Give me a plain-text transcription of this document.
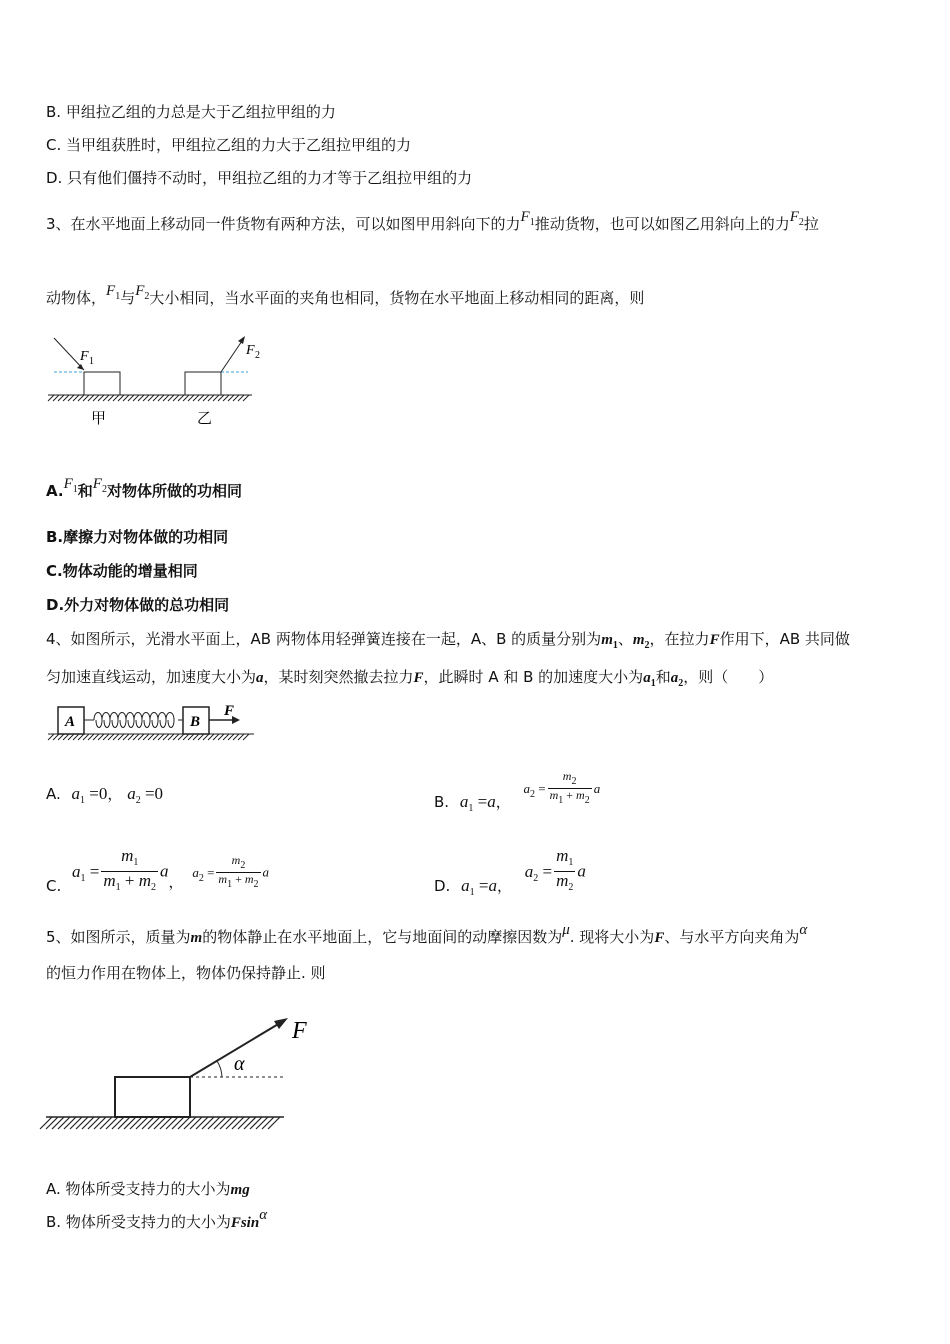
B. 甲组拉乙组的力总是大于乙组拉甲组的力
C. 当甲组获胜时，甲组拉乙组的力大于乙组拉甲组的力
D. 只有他们僵持不动时，甲组拉乙组的力才等于乙组拉甲组的力
3、在水平地面上移动同一件货物有两种方法，可以如图甲用斜向下的力$F_1$推动货物，也可以如图乙用斜向上的力$F_2$拉
动物体，$F_1$与$F_2$大小相同，当水平面的夹角也相同，货物在水平地面上移动相同的距离，则
F 1
F 2
甲	乙
$A.F_1$和$F_2$对物体所做的功相同
B.摩擦力对物体做的功相同
C.物体动能的增量相同
D.外力对物体做的总功相同
4、如图所示，光滑水平面上，AB 两物体用轻弹簧连接在一起，A、B 的质量分别为$m_1$、$m_2$，在拉力F作用下，AB 共同做
匀加速直线运动，加速度大小为a，某时刻突然撤去拉力F，此瞬时 A 和 B 的加速度大小为$a_1$和$a_2$，则（　　）
A	B
F
A. $a_1 =0$， $a_2 =0$	B. $a_1 =a$， $a_2 = \frac{m_2}{m_1 + m_2}$ a
C. $a_1 = \frac{m_1}{m_1 + m_2}$ a， $a_2 = \frac{m_2}{m_1 + m_2}$ a
D. $a_1 =a$， $a_2 = \frac{m_1}{m_2}$ a
5、如图所示，质量为m的物体静止在水平地面上，它与地面间的动摩擦因数为μ. 现将大小为F、与水平方向夹角为α
的恒力作用在物体上，物体仍保持静止. 则
F
α
A. 物体所受支持力的大小为mg
B. 物体所受支持力的大小为Fsinα
